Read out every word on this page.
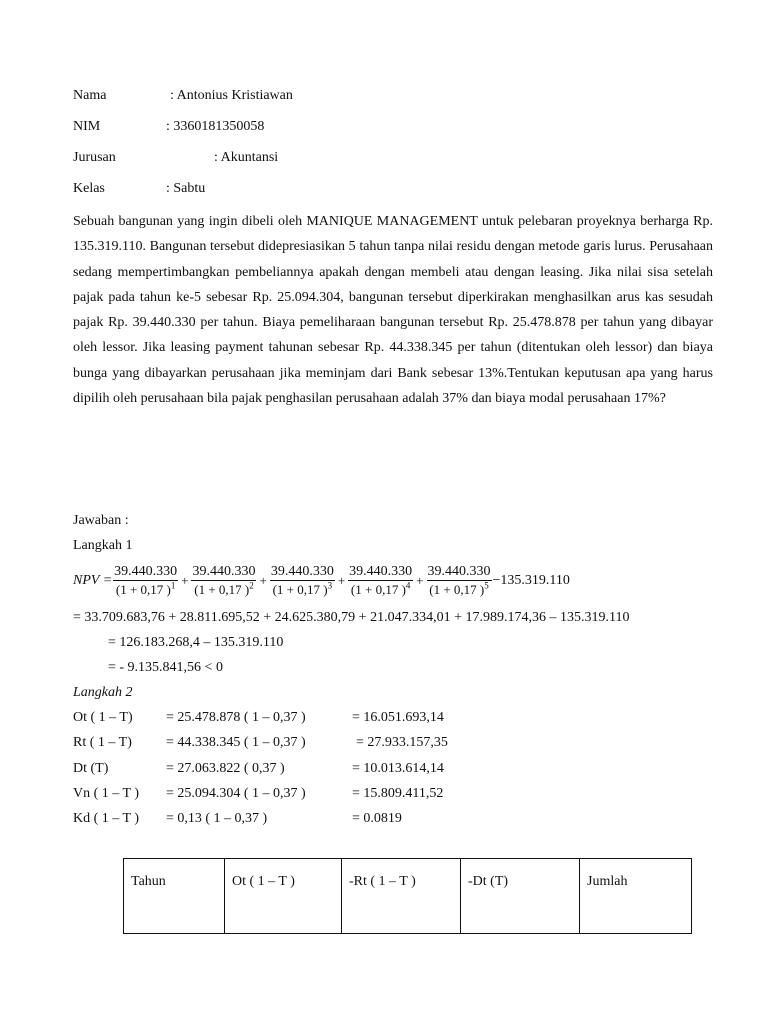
Nama	: Antonius Kristiawan
NIM	: 3360181350058
Jurusan	: Akuntansi
Kelas	: Sabtu
Sebuah bangunan yang ingin dibeli oleh MANIQUE MANAGEMENT untuk pelebaran proyeknya berharga Rp. 135.319.110. Bangunan tersebut didepresiasikan 5 tahun tanpa nilai residu dengan metode garis lurus. Perusahaan sedang mempertimbangkan pembeliannya apakah dengan membeli atau dengan leasing. Jika nilai sisa setelah pajak pada tahun ke-5 sebesar Rp. 25.094.304, bangunan tersebut diperkirakan menghasilkan arus kas sesudah pajak Rp. 39.440.330 per tahun. Biaya pemeliharaan bangunan tersebut Rp. 25.478.878 per tahun yang dibayar oleh lessor. Jika leasing payment tahunan sebesar Rp. 44.338.345 per tahun (ditentukan oleh lessor) dan biaya bunga yang dibayarkan perusahaan jika meminjam dari Bank sebesar 13%.Tentukan keputusan apa yang harus dipilih oleh perusahaan bila pajak penghasilan perusahaan adalah 37% dan biaya modal perusahaan 17%?
Jawaban :
Langkah 1
NPV = $\frac{39.440.330}{(1 + 0,17 )^1} + \frac{39.440.330}{(1 + 0,17 )^2} + \frac{39.440.330}{(1 + 0,17 )^3} + \frac{39.440.330}{(1 + 0,17 )^4} + \frac{39.440.330}{(1 + 0,17 )^5} -135.319.110$
= 33.709.683,76 + 28.811.695,52 + 24.625.380,79 + 21.047.334,01 + 17.989.174,36 – 135.319.110
= 126.183.268,4 – 135.319.110
= - 9.135.841,56 < 0
Langkah 2
Ot ( 1 – T) = 25.478.878 ( 1 – 0,37 )	= 16.051.693,14
Rt ( 1 – T) = 44.338.345 ( 1 – 0,37 )	= 27.933.157,35
Dt (T)	= 27.063.822 ( 0,37 )	= 10.013.614,14
Vn ( 1 – T ) = 25.094.304 ( 1 – 0,37 )	= 15.809.411,52
Kd ( 1 – T ) = 0,13 ( 1 – 0,37 )	= 0.0819
Tahun	Ot ( 1 – T )	-Rt ( 1 – T )	-Dt (T)	Jumlah
